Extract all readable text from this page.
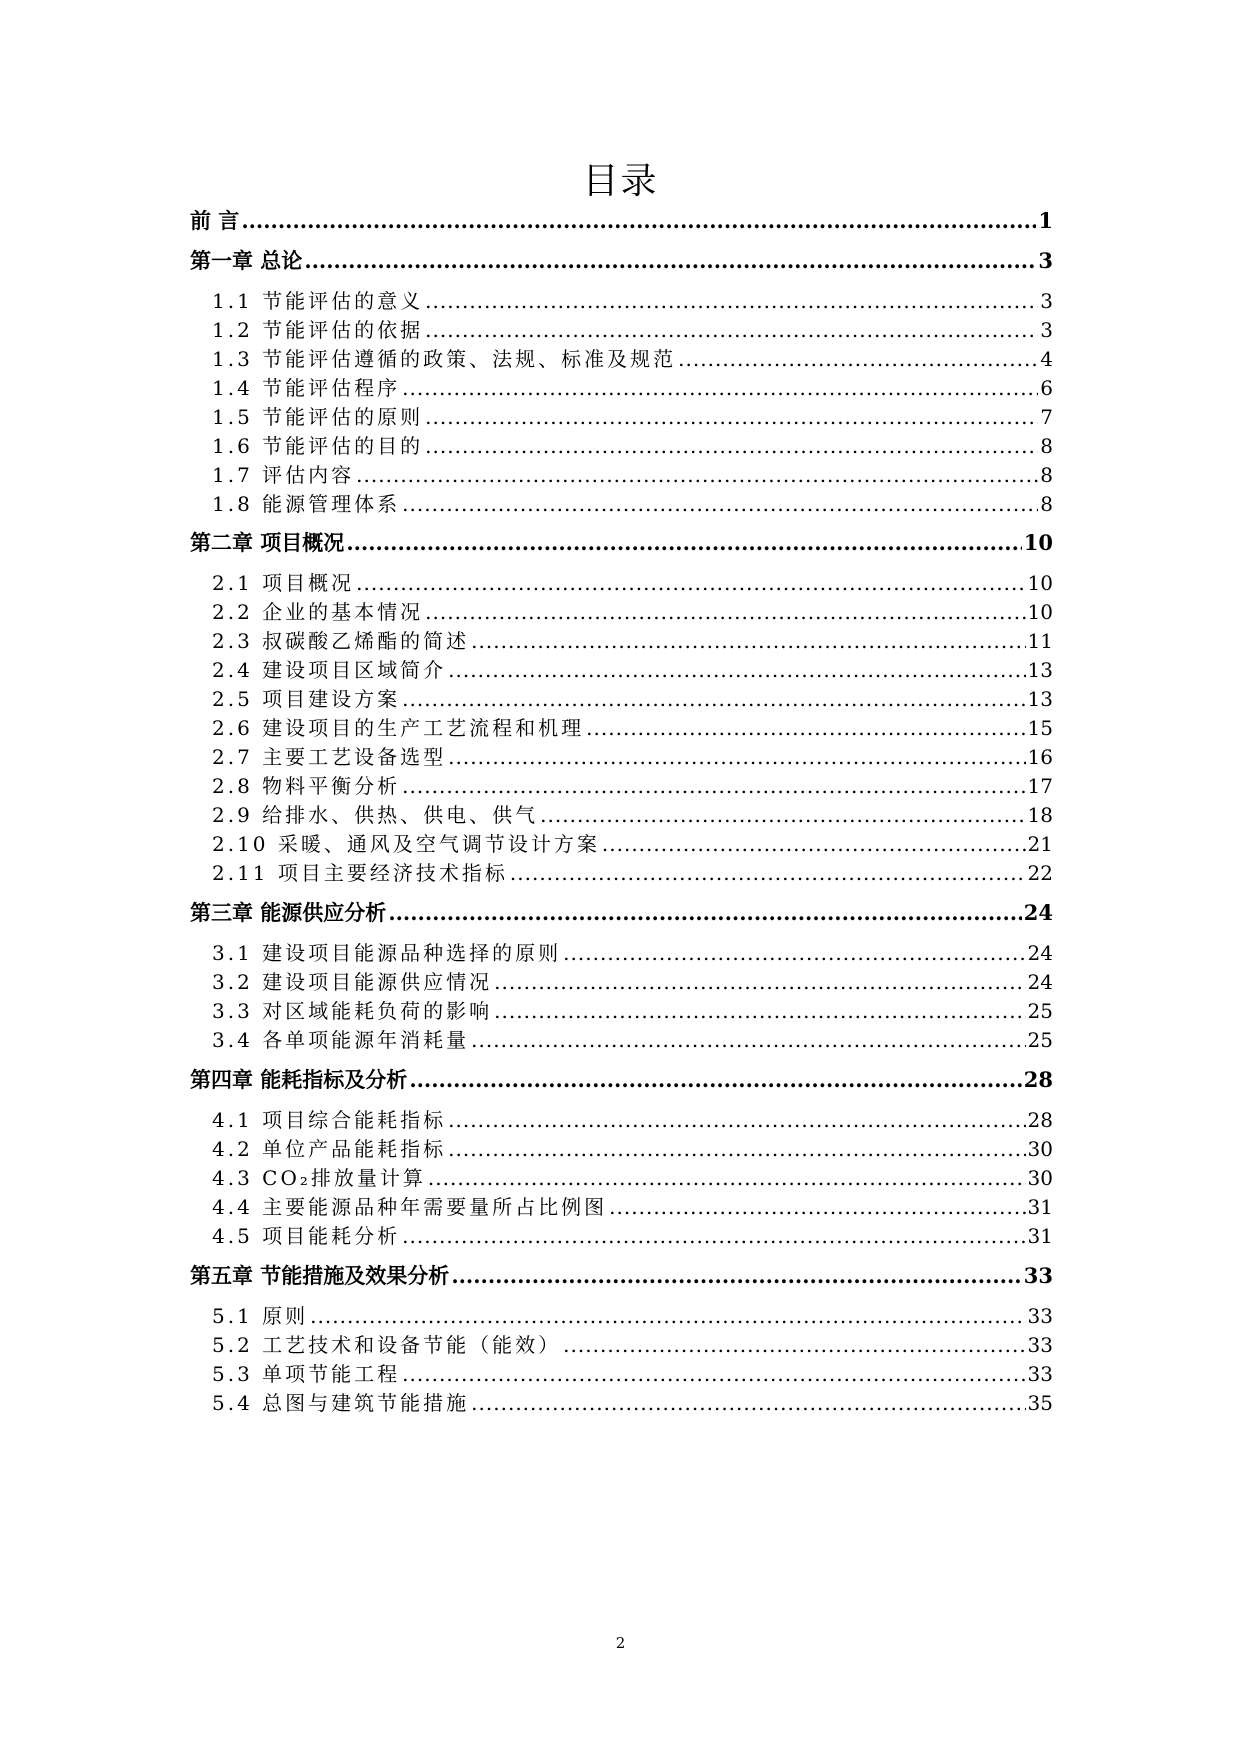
目录
前 言 .....	1
第一章 总论 .....	3
1.1 节能评估的意义 .....	3
1.2 节能评估的依据 .....	3
1.3 节能评估遵循的政策、法规、标准及规范 .....	4
1.4 节能评估程序 .....	6
1.5 节能评估的原则 .....	7
1.6 节能评估的目的 .....	8
1.7 评估内容 .....	8
1.8 能源管理体系 .....	8
第二章 项目概况 .....	10
2.1 项目概况 .....	10
2.2 企业的基本情况 .....	10
2.3 叔碳酸乙烯酯的简述 .....	11
2.4 建设项目区域简介 .....	13
2.5 项目建设方案 .....	13
2.6 建设项目的生产工艺流程和机理 .....	15
2.7 主要工艺设备选型 .....	16
2.8 物料平衡分析 .....	17
2.9 给排水、供热、供电、供气 .....	18
2.10 采暖、通风及空气调节设计方案 .....	21
2.11 项目主要经济技术指标 .....	22
第三章 能源供应分析 .....	24
3.1 建设项目能源品种选择的原则 .....	24
3.2 建设项目能源供应情况 .....	24
3.3 对区域能耗负荷的影响 .....	25
3.4 各单项能源年消耗量 .....	25
第四章 能耗指标及分析 .....	28
4.1 项目综合能耗指标 .....	28
4.2 单位产品能耗指标 .....	30
4.3 CO₂排放量计算 .....	30
4.4 主要能源品种年需要量所占比例图 .....	31
4.5 项目能耗分析 .....	31
第五章 节能措施及效果分析 .....	33
5.1 原则 .....	33
5.2 工艺技术和设备节能（能效） .....	33
5.3 单项节能工程 .....	33
5.4 总图与建筑节能措施 .....	35
2
